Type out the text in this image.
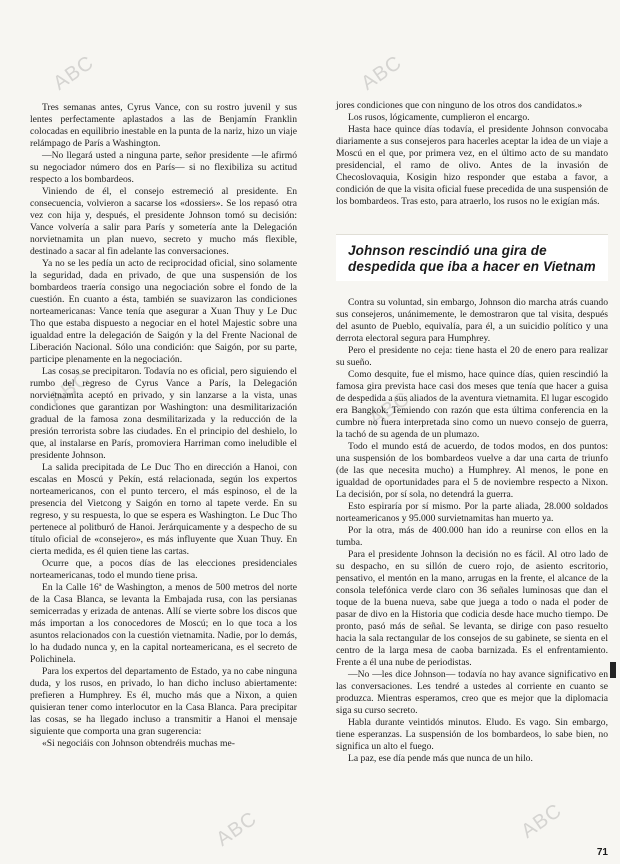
ABC	ABC
ABC	ABC
ABC	ABC

Tres semanas antes, Cyrus Vance, con su rostro juvenil y sus lentes perfectamente aplastados a las de Benjamín Franklin colocadas en equilibrio inestable en la punta de la nariz, hizo un viaje relámpago de París a Washington.

—No llegará usted a ninguna parte, señor presidente —le afirmó su negociador número dos en París— si no flexibiliza su actitud respecto a los bombardeos.

Viniendo de él, el consejo estremeció al presidente. En consecuencia, volvieron a sacarse los «dossiers». Se los repasó otra vez con hija y, después, el presidente Johnson tomó su decisión: Vance volvería a salir para París y sometería ante la Delegación norvietnamita un plan nuevo, secreto y mucho más flexible, destinado a sacar al fin adelante las conversaciones.

Ya no se les pedía un acto de reciprocidad oficial, sino solamente la seguridad, dada en privado, de que una suspensión de los bombardeos traería consigo una negociación sobre el fondo de la cuestión. En cuanto a ésta, también se suavizaron las condiciones norteamericanas: Vance tenía que asegurar a Xuan Thuy y Le Duc Tho que estaba dispuesto a negociar en el hotel Majestic sobre una igualdad entre la delegación de Saigón y la del Frente Nacional de Liberación Nacional. Sólo una condición: que Saigón, por su parte, participe plenamente en la negociación.

Las cosas se precipitaron. Todavía no es oficial, pero siguiendo el rumbo del regreso de Cyrus Vance a París, la Delegación norvietnamita aceptó en privado, y sin lanzarse a la vista, unas condiciones que garantizan por Washington: una desmilitarización gradual de la famosa zona desmilitarizada y la reducción de la presión terrorista sobre las ciudades. En el principio del deshielo, lo que, al instalarse en París, promoviera Harriman como ineludible el presidente Johnson.

La salida precipitada de Le Duc Tho en dirección a Hanoi, con escalas en Moscú y Pekín, está relacionada, según los expertos norteamericanos, con el punto tercero, el más espinoso, el de la presencia del Vietcong y Saigón en torno al tapete verde. En su regreso, y su respuesta, lo que se espera es Washington. Le Duc Tho pertenece al politburó de Hanoi. Jerárquicamente y a despecho de su título oficial de «consejero», es más influyente que Xuan Thuy. En cierta medida, es él quien tiene las cartas.

Ocurre que, a pocos días de las elecciones presidenciales norteamericanas, todo el mundo tiene prisa.

En la Calle 16ª de Washington, a menos de 500 metros del norte de la Casa Blanca, se levanta la Embajada rusa, con las persianas semicerradas y erizada de antenas. Allí se vierte sobre los discos que más importan a los conocedores de Moscú; en lo que toca a los asuntos relacionados con la cuestión vietnamita. Nadie, por lo demás, lo ha dudado nunca y, en la capital norteamericana, es el secreto de Polichinela.

Para los expertos del departamento de Estado, ya no cabe ninguna duda, y los rusos, en privado, lo han dicho incluso abiertamente: prefieren a Humphrey. Es él, mucho más que a Nixon, a quien quisieran tener como interlocutor en la Casa Blanca. Para precipitar las cosas, se ha llegado incluso a transmitir a Hanoi el mensaje siguiente que comporta una gran sugerencia:

«Si negociáis con Johnson obtendréis muchas me-

jores condiciones que con ninguno de los otros dos candidatos.»

Los rusos, lógicamente, cumplieron el encargo.

Hasta hace quince días todavía, el presidente Johnson convocaba diariamente a sus consejeros para hacerles aceptar la idea de un viaje a Moscú en el que, por primera vez, en el último acto de su mandato presidencial, el ramo de olivo. Antes de la invasión de Checoslovaquia, Kosigin hizo responder que estaba a favor, a condición de que la visita oficial fuese precedida de una suspensión de los bombardeos. Tras esto, para atraerlo, los rusos no le exigían más.

Johnson rescindió una gira de despedida que iba a hacer en Vietnam

Contra su voluntad, sin embargo, Johnson dio marcha atrás cuando sus consejeros, unánimemente, le demostraron que tal visita, después del asunto de Pueblo, equivalía, para él, a un suicidio político y una derrota electoral segura para Humphrey.

Pero el presidente no ceja: tiene hasta el 20 de enero para realizar su sueño.

Como desquite, fue el mismo, hace quince días, quien rescindió la famosa gira prevista hace casi dos meses que tenía que hacer a guisa de despedida a sus aliados de la aventura vietnamita. El lugar escogido era Bangkok. Temiendo con razón que esta última conferencia en la cumbre no fuera interpretada sino como un nuevo consejo de guerra, la tachó de su agenda de un plumazo.

Todo el mundo está de acuerdo, de todos modos, en dos puntos: una suspensión de los bombardeos vuelve a dar una carta de triunfo (de las que necesita mucho) a Humphrey. Al menos, le pone en igualdad de oportunidades para el 5 de noviembre respecto a Nixon. La decisión, por sí sola, no detendrá la guerra.

Esto espiraría por sí mismo. Por la parte aliada, 28.000 soldados norteamericanos y 95.000 survietnamitas han muerto ya.

Por la otra, más de 400.000 han ido a reunirse con ellos en la tumba.

Para el presidente Johnson la decisión no es fácil. Al otro lado de su despacho, en su sillón de cuero rojo, de asiento escritorio, pensativo, el mentón en la mano, arrugas en la frente, el alcance de la consola telefónica verde claro con 36 señales luminosas que dan el toque de la buena nueva, sabe que juega a todo o nada el poder de pasar de divo en la Historia que codicia desde hace mucho tiempo. De pronto, pasó más de señal. Se levanta, se dirige con paso resuelto hacia la sala rectangular de los consejos de su gabinete, se sienta en el centro de la larga mesa de caoba barnizada. Es el enfrentamiento. Frente a él una nube de periodistas.

—No —les dice Johnson— todavía no hay avance significativo en las conversaciones. Les tendré a ustedes al corriente en cuanto se produzca. Mientras esperamos, creo que es mejor que la diplomacia siga su curso secreto.

Habla durante veintidós minutos. Eludo. Es vago. Sin embargo, tiene esperanzas. La suspensión de los bombardeos, lo sabe bien, no significa un alto el fuego.

La paz, ese día pende más que nunca de un hilo.

71
